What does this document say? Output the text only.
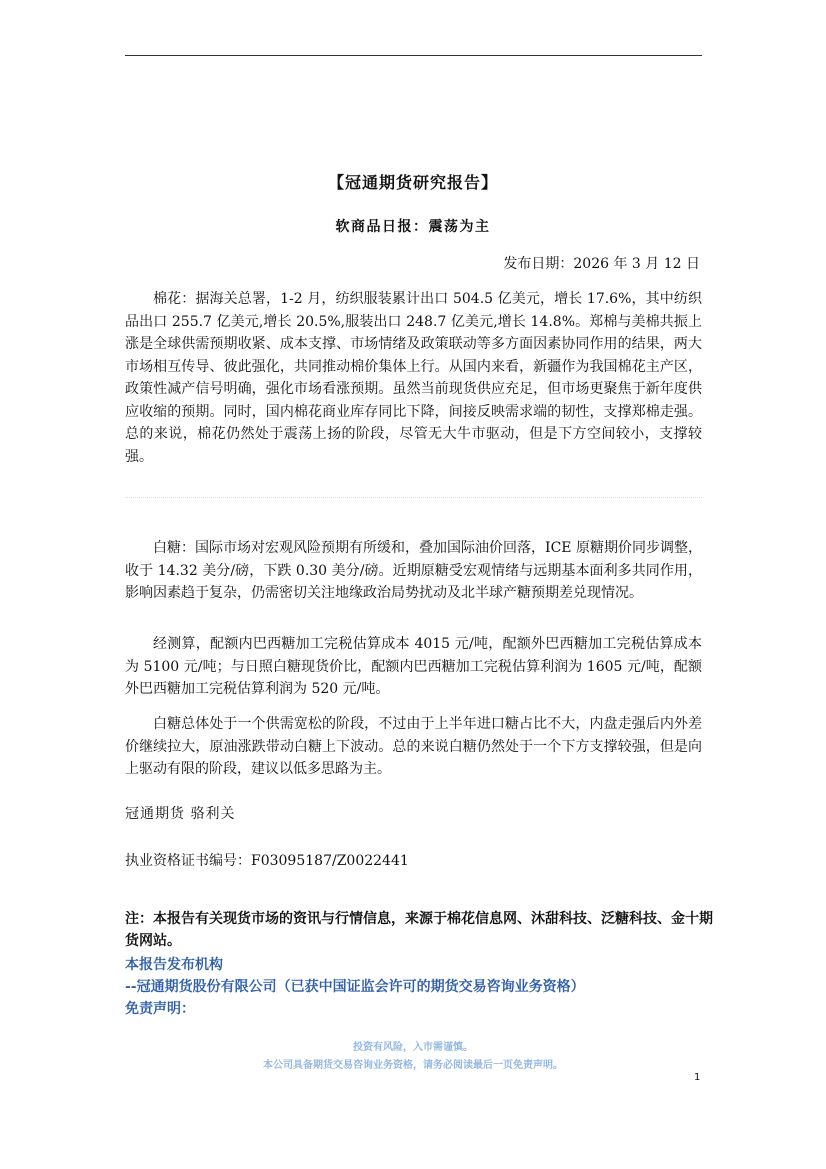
【冠通期货研究报告】
软商品日报：震荡为主
发布日期：2026 年 3 月 12 日
棉花：据海关总署，1-2 月，纺织服装累计出口 504.5 亿美元，增长 17.6%，其中纺织品出口 255.7 亿美元,增长 20.5%,服装出口 248.7 亿美元,增长 14.8%。郑棉与美棉共振上涨是全球供需预期收紧、成本支撑、市场情绪及政策联动等多方面因素协同作用的结果，两大市场相互传导、彼此强化，共同推动棉价集体上行。从国内来看，新疆作为我国棉花主产区，政策性减产信号明确，强化市场看涨预期。虽然当前现货供应充足，但市场更聚焦于新年度供应收缩的预期。同时，国内棉花商业库存同比下降，间接反映需求端的韧性，支撑郑棉走强。总的来说，棉花仍然处于震荡上扬的阶段，尽管无大牛市驱动，但是下方空间较小，支撑较强。
白糖：国际市场对宏观风险预期有所缓和，叠加国际油价回落，ICE 原糖期价同步调整，收于 14.32 美分/磅，下跌 0.30 美分/磅。近期原糖受宏观情绪与远期基本面利多共同作用，影响因素趋于复杂，仍需密切关注地缘政治局势扰动及北半球产糖预期差兑现情况。
经测算，配额内巴西糖加工完税估算成本 4015 元/吨，配额外巴西糖加工完税估算成本为 5100 元/吨；与日照白糖现货价比，配额内巴西糖加工完税估算利润为 1605 元/吨，配额外巴西糖加工完税估算利润为 520 元/吨。
白糖总体处于一个供需宽松的阶段，不过由于上半年进口糖占比不大，内盘走强后内外差价继续拉大，原油涨跌带动白糖上下波动。总的来说白糖仍然处于一个下方支撑较强，但是向上驱动有限的阶段，建议以低多思路为主。
冠通期货 骆利关
执业资格证书编号：F03095187/Z0022441
注：本报告有关现货市场的资讯与行情信息，来源于棉花信息网、沐甜科技、泛糖科技、金十期货网站。
本报告发布机构
--冠通期货股份有限公司（已获中国证监会许可的期货交易咨询业务资格）
免责声明：
投资有风险，入市需谨慎。
本公司具备期货交易咨询业务资格，请务必阅读最后一页免责声明。
1
